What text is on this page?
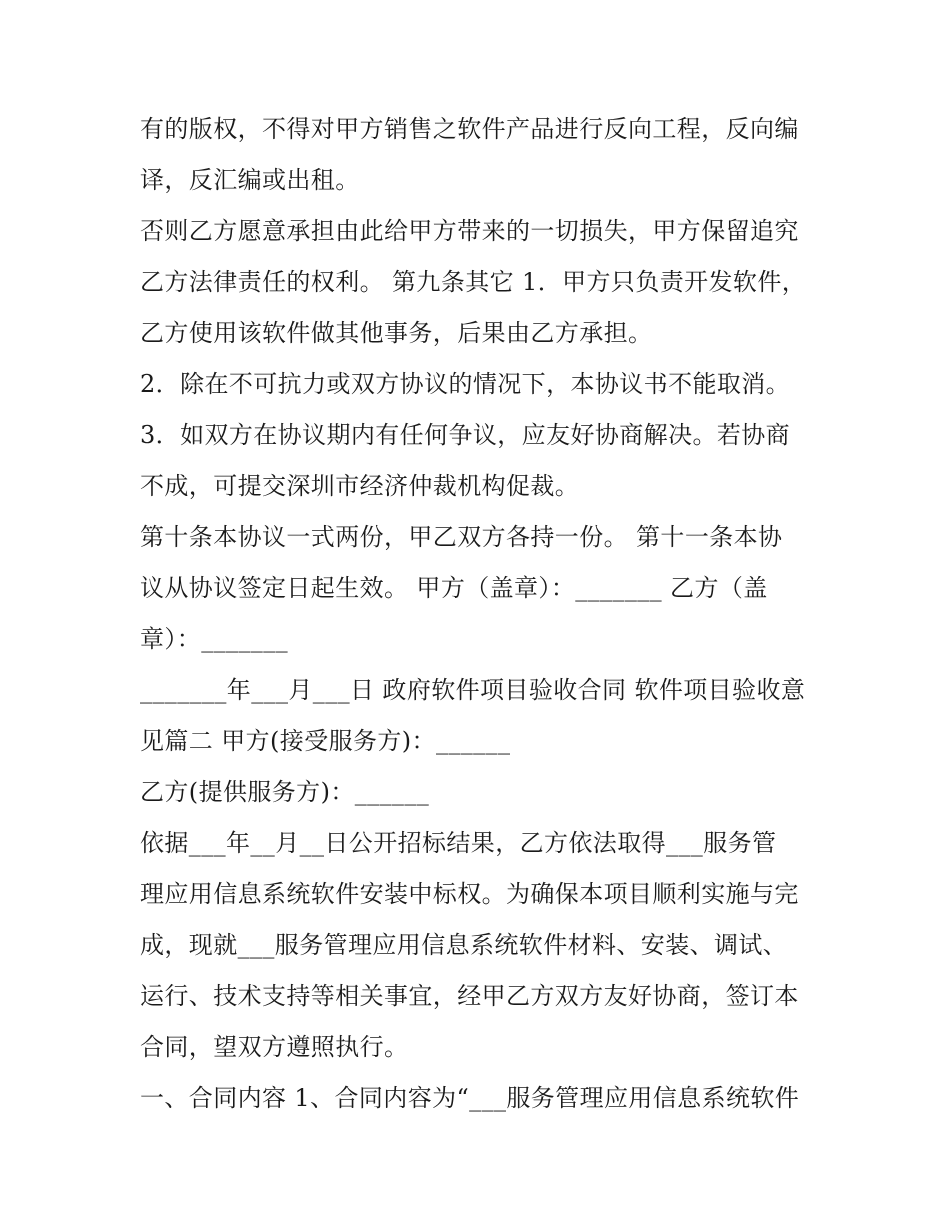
有的版权，不得对甲方销售之软件产品进行反向工程，反向编
译，反汇编或出租。
否则乙方愿意承担由此给甲方带来的一切损失，甲方保留追究
乙方法律责任的权利。 第九条其它 1．甲方只负责开发软件，
乙方使用该软件做其他事务，后果由乙方承担。
2．除在不可抗力或双方协议的情况下，本协议书不能取消。
3．如双方在协议期内有任何争议，应友好协商解决。若协商
不成，可提交深圳市经济仲裁机构促裁。
第十条本协议一式两份，甲乙双方各持一份。 第十一条本协
议从协议签定日起生效。 甲方（盖章）：_______ 乙方（盖
章）：_______
_______年___月___日 政府软件项目验收合同 软件项目验收意
见篇二 甲方(接受服务方)：______
乙方(提供服务方)：______
依据___年__月__日公开招标结果，乙方依法取得___服务管
理应用信息系统软件安装中标权。为确保本项目顺利实施与完
成，现就___服务管理应用信息系统软件材料、安装、调试、
运行、技术支持等相关事宜，经甲乙方双方友好协商，签订本
合同，望双方遵照执行。
一、合同内容 1、合同内容为“___服务管理应用信息系统软件
